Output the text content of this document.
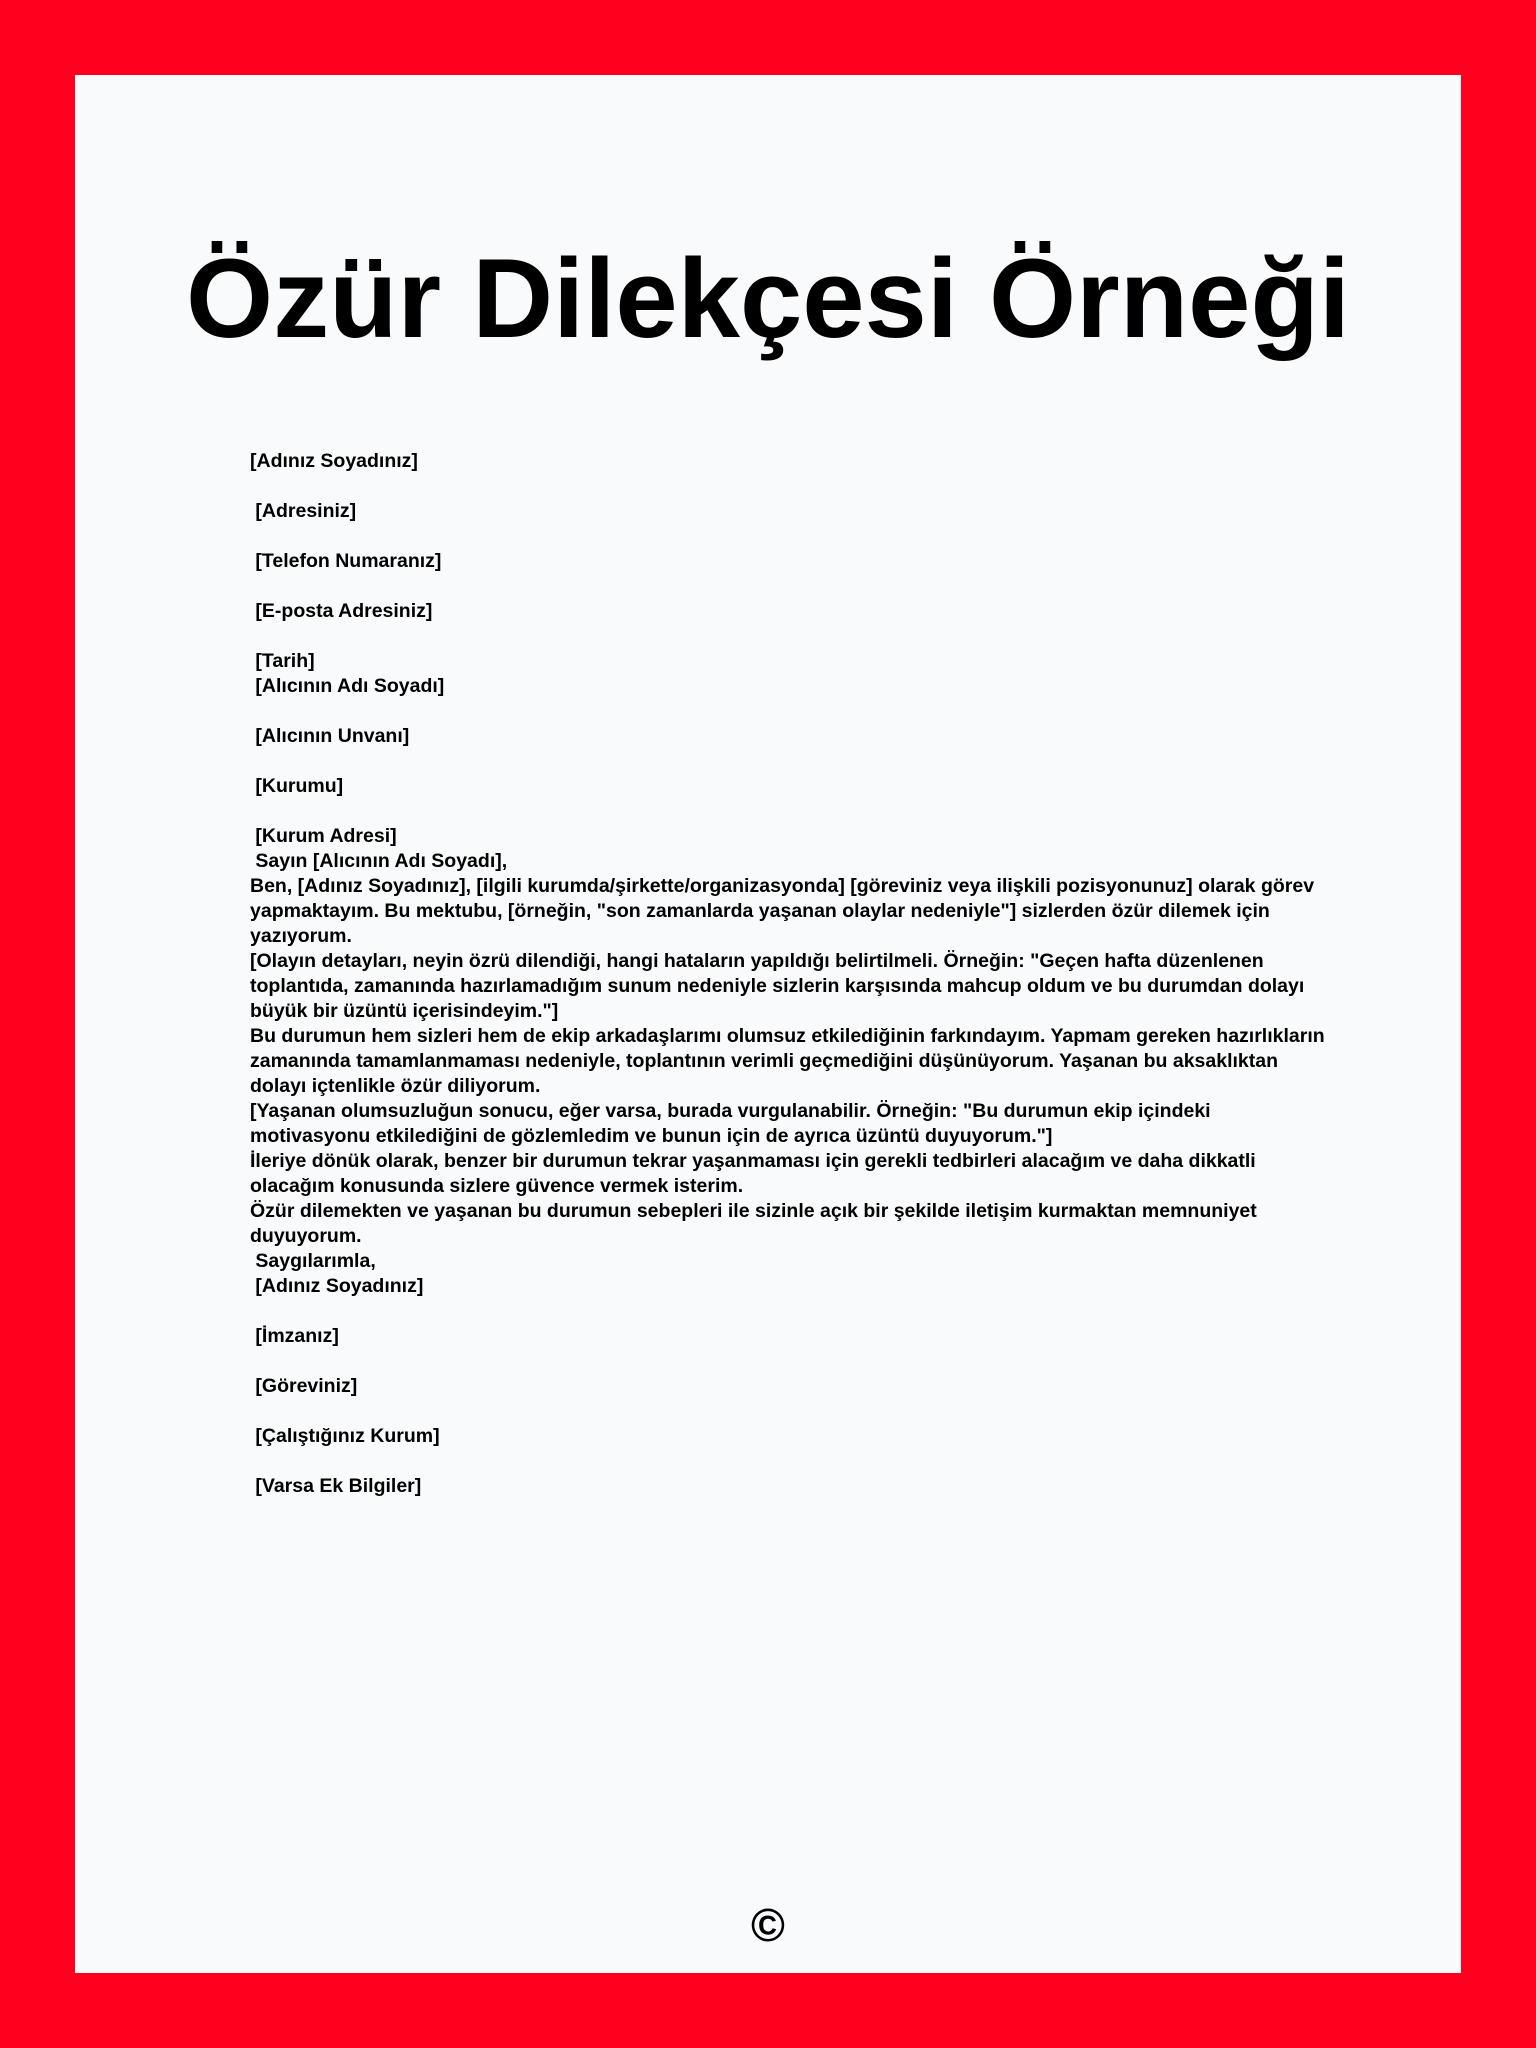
Özür Dilekçesi Örneği
[Adınız Soyadınız]
[Adresiniz]
[Telefon Numaranız]
[E-posta Adresiniz]
[Tarih]
[Alıcının Adı Soyadı]
[Alıcının Unvanı]
[Kurumu]
[Kurum Adresi]
Sayın [Alıcının Adı Soyadı],
Ben, [Adınız Soyadınız], [ilgili kurumda/şirkette/organizasyonda] [göreviniz veya ilişkili pozisyonunuz] olarak görev yapmaktayım. Bu mektubu, [örneğin, "son zamanlarda yaşanan olaylar nedeniyle"] sizlerden özür dilemek için yazıyorum.
[Olayın detayları, neyin özrü dilendiği, hangi hataların yapıldığı belirtilmeli. Örneğin: "Geçen hafta düzenlenen toplantıda, zamanında hazırlamadığım sunum nedeniyle sizlerin karşısında mahcup oldum ve bu durumdan dolayı büyük bir üzüntü içerisindeyim."]
Bu durumun hem sizleri hem de ekip arkadaşlarımı olumsuz etkilediğinin farkındayım. Yapmam gereken hazırlıkların zamanında tamamlanmaması nedeniyle, toplantının verimli geçmediğini düşünüyorum. Yaşanan bu aksaklıktan dolayı içtenlikle özür diliyorum.
[Yaşanan olumsuzluğun sonucu, eğer varsa, burada vurgulanabilir. Örneğin: "Bu durumun ekip içindeki motivasyonu etkilediğini de gözlemledim ve bunun için de ayrıca üzüntü duyuyorum."]
İleriye dönük olarak, benzer bir durumun tekrar yaşanmaması için gerekli tedbirleri alacağım ve daha dikkatli olacağım konusunda sizlere güvence vermek isterim.
Özür dilemekten ve yaşanan bu durumun sebepleri ile sizinle açık bir şekilde iletişim kurmaktan memnuniyet duyuyorum.
Saygılarımla,
[Adınız Soyadınız]
[İmzanız]
[Göreviniz]
[Çalıştığınız Kurum]
[Varsa Ek Bilgiler]
©
